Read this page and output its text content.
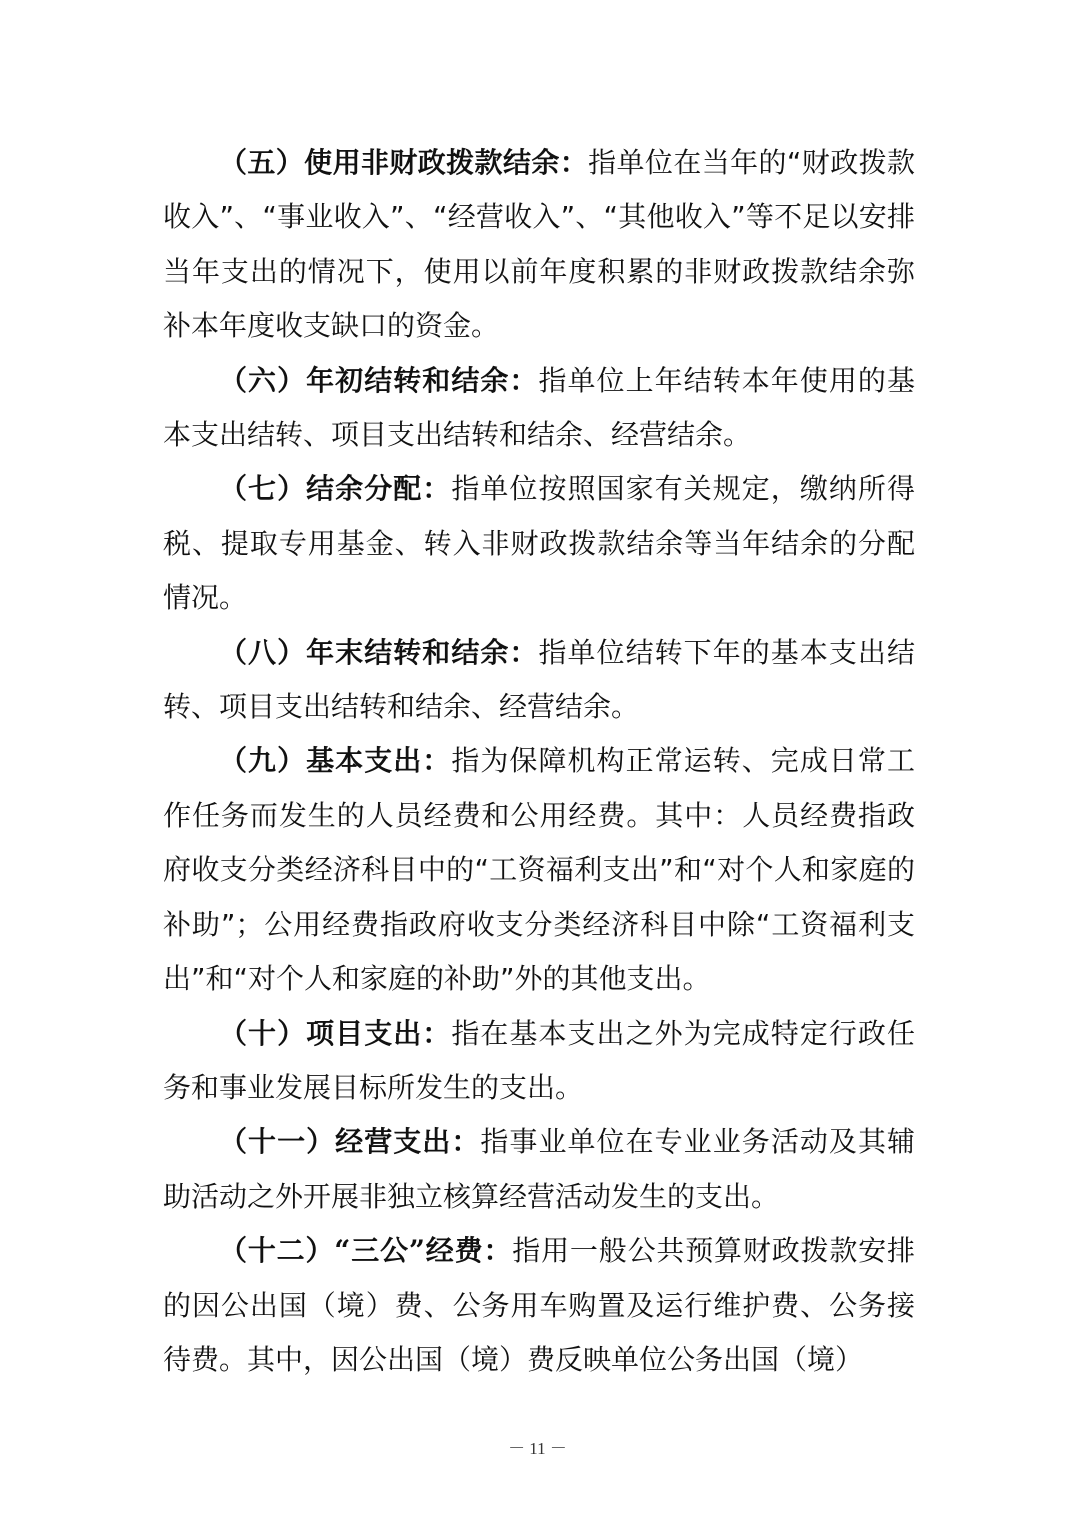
（五）使用非财政拨款结余：指单位在当年的“财政拨款收入”、“事业收入”、“经营收入”、“其他收入”等不足以安排当年支出的情况下，使用以前年度积累的非财政拨款结余弥补本年度收支缺口的资金。

（六）年初结转和结余：指单位上年结转本年使用的基本支出结转、项目支出结转和结余、经营结余。

（七）结余分配：指单位按照国家有关规定，缴纳所得税、提取专用基金、转入非财政拨款结余等当年结余的分配情况。

（八）年末结转和结余：指单位结转下年的基本支出结转、项目支出结转和结余、经营结余。

（九）基本支出：指为保障机构正常运转、完成日常工作任务而发生的人员经费和公用经费。其中：人员经费指政府收支分类经济科目中的“工资福利支出”和“对个人和家庭的补助”；公用经费指政府收支分类经济科目中除“工资福利支出”和“对个人和家庭的补助”外的其他支出。

（十）项目支出：指在基本支出之外为完成特定行政任务和事业发展目标所发生的支出。

（十一）经营支出：指事业单位在专业业务活动及其辅助活动之外开展非独立核算经营活动发生的支出。

（十二）“三公”经费：指用一般公共预算财政拨款安排的因公出国（境）费、公务用车购置及运行维护费、公务接待费。其中，因公出国（境）费反映单位公务出国（境）

－ 11 －
